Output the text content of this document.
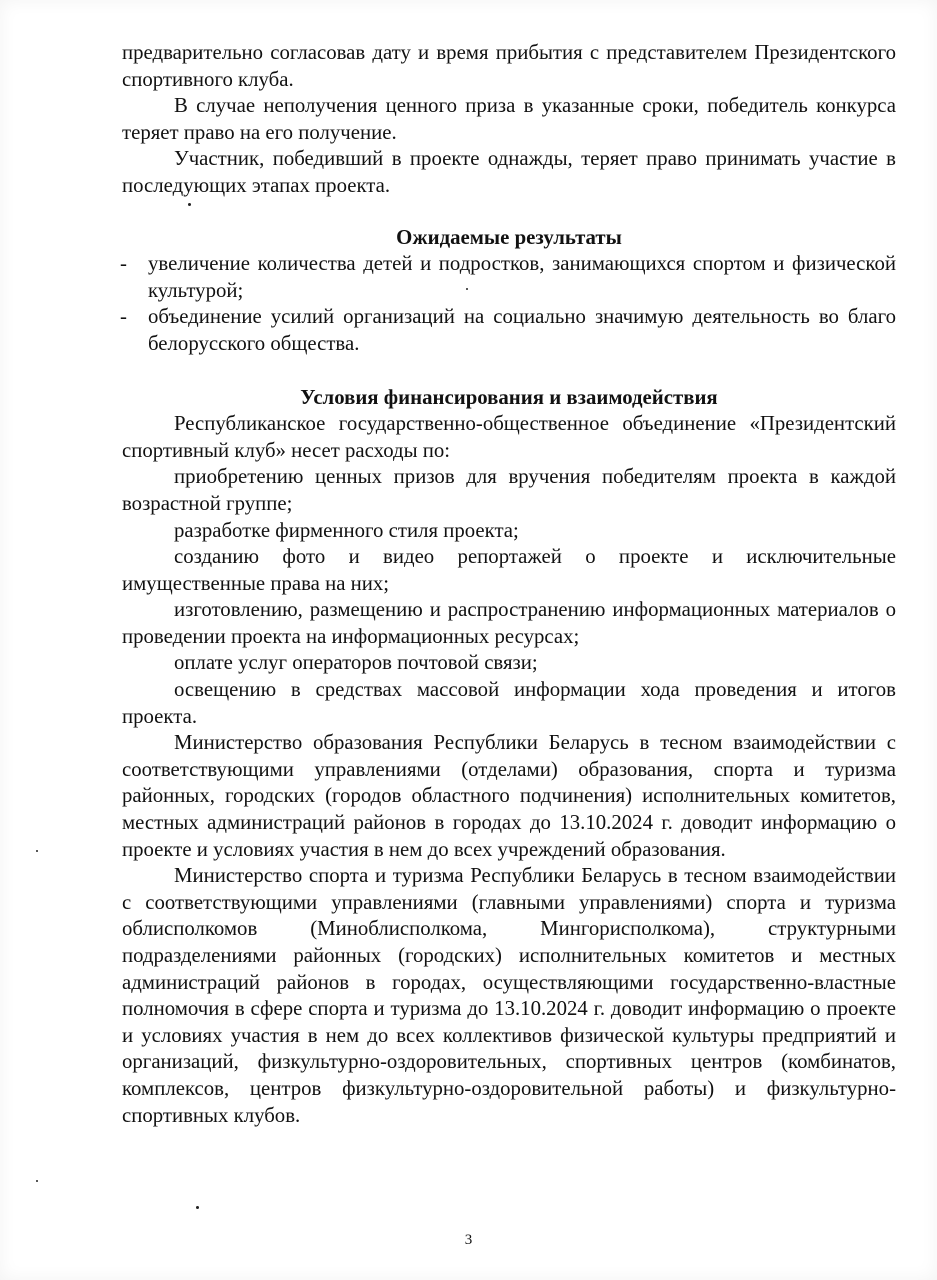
предварительно согласовав дату и время прибытия с представителем Президентского спортивного клуба.

В случае неполучения ценного приза в указанные сроки, победитель конкурса теряет право на его получение.

Участник, победивший в проекте однажды, теряет право принимать участие в последующих этапах проекта.

Ожидаемые результаты

- увеличение количества детей и подростков, занимающихся спортом и физической культурой;
- объединение усилий организаций на социально значимую деятельность во благо белорусского общества.

Условия финансирования и взаимодействия

Республиканское государственно-общественное объединение «Президентский спортивный клуб» несет расходы по:

приобретению ценных призов для вручения победителям проекта в каждой возрастной группе;

разработке фирменного стиля проекта;

созданию фото и видео репортажей о проекте и исключительные имущественные права на них;

изготовлению, размещению и распространению информационных материалов о проведении проекта на информационных ресурсах;

оплате услуг операторов почтовой связи;

освещению в средствах массовой информации хода проведения и итогов проекта.

Министерство образования Республики Беларусь в тесном взаимодействии с соответствующими управлениями (отделами) образования, спорта и туризма районных, городских (городов областного подчинения) исполнительных комитетов, местных администраций районов в городах до 13.10.2024 г. доводит информацию о проекте и условиях участия в нем до всех учреждений образования.

Министерство спорта и туризма Республики Беларусь в тесном взаимодействии с соответствующими управлениями (главными управлениями) спорта и туризма облисполкомов (Миноблисполкома, Мингорисполкома), структурными подразделениями районных (городских) исполнительных комитетов и местных администраций районов в городах, осуществляющими государственно-властные полномочия в сфере спорта и туризма до 13.10.2024 г. доводит информацию о проекте и условиях участия в нем до всех коллективов физической культуры предприятий и организаций, физкультурно-оздоровительных, спортивных центров (комбинатов, комплексов, центров физкультурно-оздоровительной работы) и физкультурно-спортивных клубов.

3
